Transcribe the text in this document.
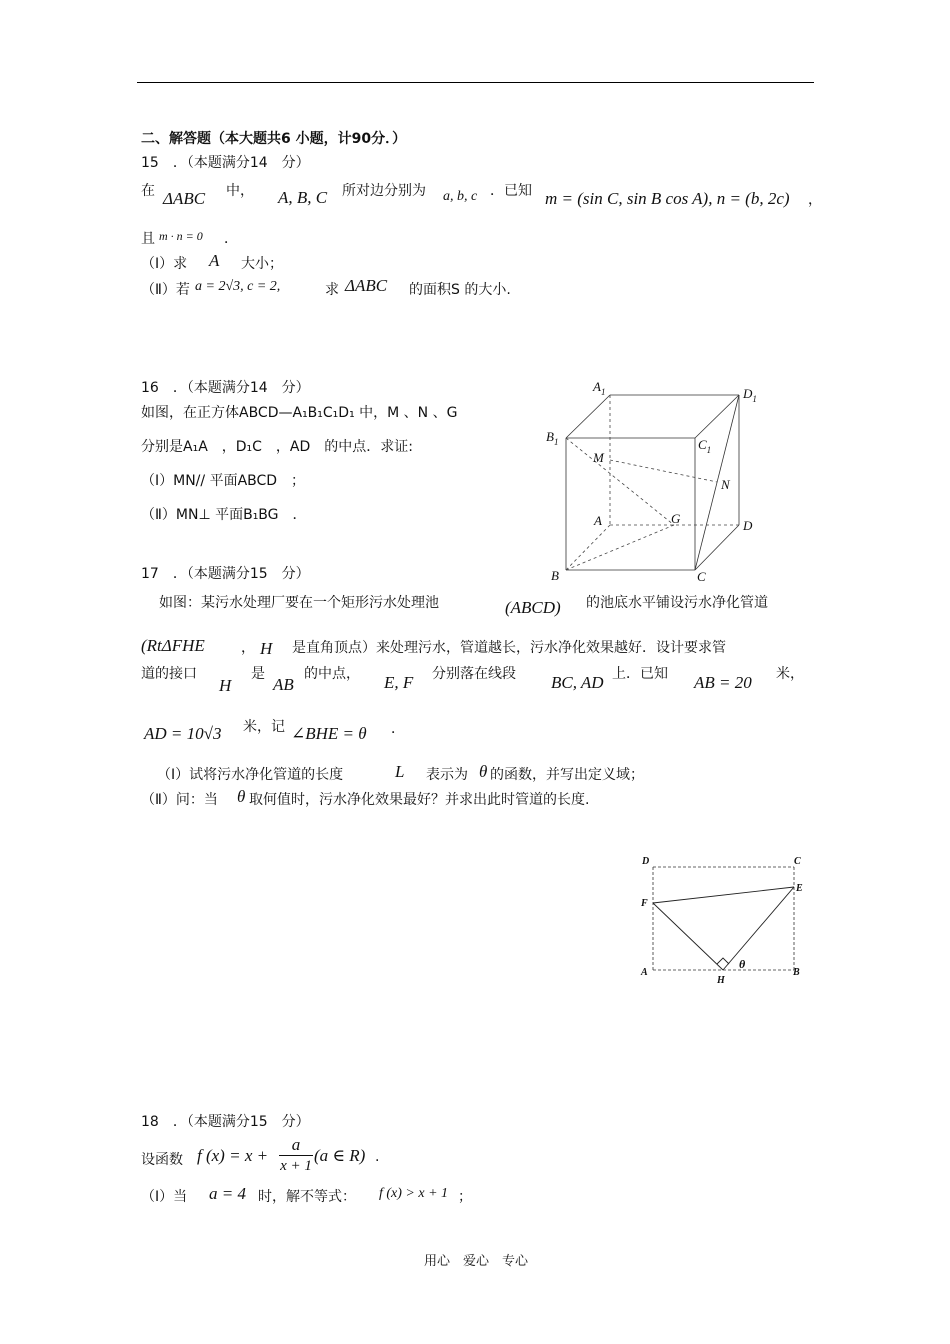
二、解答题（本大题共6 小题，计90分．）
15　．（本题满分14　分）
在 ΔABC 中， A, B, C 所对边分别为 a, b, c ．已知 m = (sin C, sin B cos A), n = (b, 2c) ，
且 m · n = 0 ．
（Ⅰ）求 A 大小；
（Ⅱ）若 a = 2√3, c = 2,	求 ΔABC 的面积S 的大小.
16　．（本题满分14　分）
如图，在正方体ABCD—A₁B₁C₁D₁ 中，M 、N 、G
分别是A₁A　，D₁C　，AD　的中点．求证:
（Ⅰ）MN// 平面ABCD　；
（Ⅱ）MN⊥ 平面B₁BG　．
$A_1$	$D_1$
$B_1$	$C_1$
M
N
G
A	D
B	C
17　．（本题满分15　分）
如图：某污水处理厂要在一个矩形污水处理池	(ABCD) 的池底水平铺设污水净化管道
(RtΔFHE	， H 是直角顶点）来处理污水，管道越长，污水净化效果越好．设计要求管
道的接口
H
是
AB
的中点， E, F 分别落在线段 BC, AD 上．已知 AB = 20 米，
AD = 10√3 米，记 ∠BHE = θ ．
（Ⅰ）试将污水净化管道的长度	L 表示为 θ 的函数，并写出定义域；
（Ⅱ）问：当 θ 取何值时，污水净化效果最好？并求出此时管道的长度.
D	C
E
F
A
H
B
θ
18　．（本题满分15　分）
设函数 f (x) = x +
a
x + 1
(a ∈ R) .
（Ⅰ）当 a = 4 时，解不等式： f (x) > x + 1 ；
用心　爱心　专心
